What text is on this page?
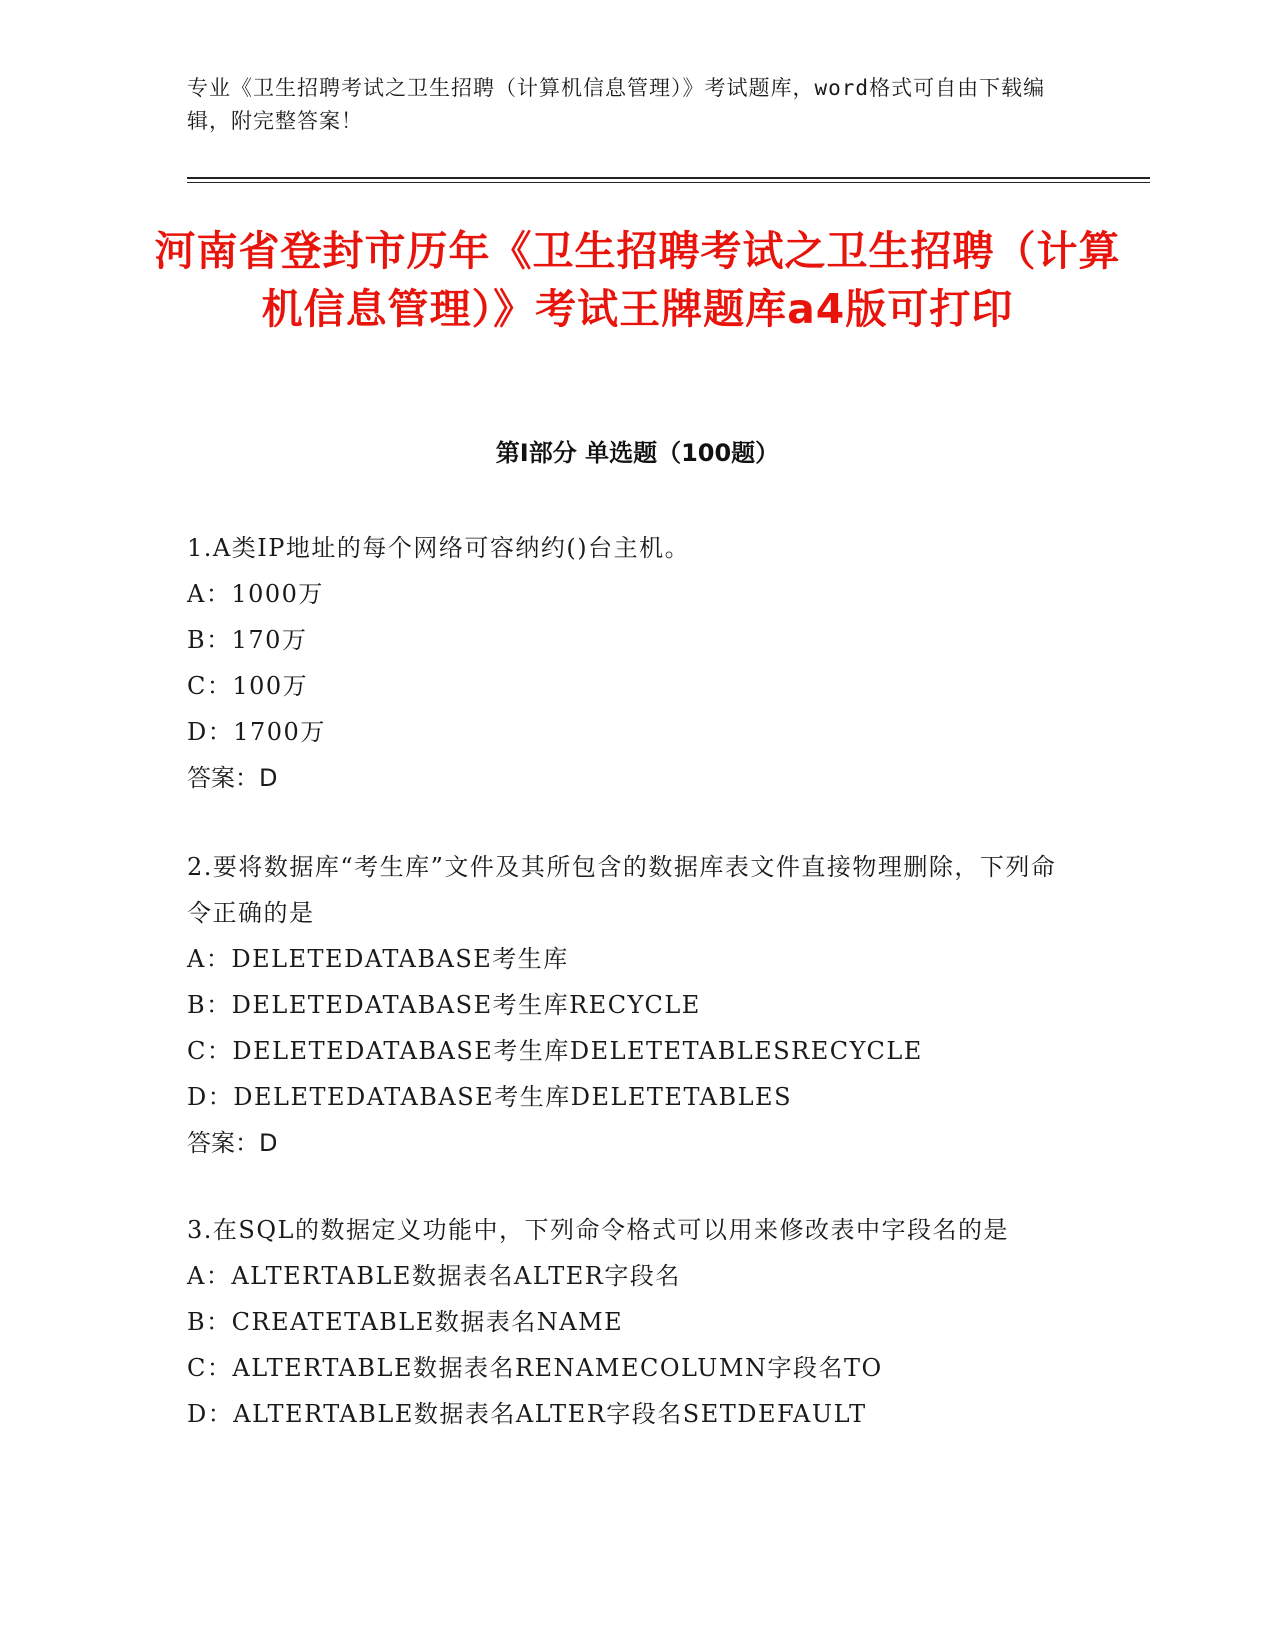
专业《卫生招聘考试之卫生招聘（计算机信息管理）》考试题库，word格式可自由下载编辑，附完整答案！
河南省登封市历年《卫生招聘考试之卫生招聘（计算机信息管理）》考试王牌题库a4版可打印
第I部分 单选题（100题）
1.A类IP地址的每个网络可容纳约()台主机。
A：1000万
B：170万
C：100万
D：1700万
答案：D
2.要将数据库“考生库”文件及其所包含的数据库表文件直接物理删除，下列命令正确的是
A：DELETEDATABASE考生库
B：DELETEDATABASE考生库RECYCLE
C：DELETEDATABASE考生库DELETETABLESRECYCLE
D：DELETEDATABASE考生库DELETETABLES
答案：D
3.在SQL的数据定义功能中，下列命令格式可以用来修改表中字段名的是
A：ALTERTABLE数据表名ALTER字段名
B：CREATETABLE数据表名NAME
C：ALTERTABLE数据表名RENAMECOLUMN字段名TO
D：ALTERTABLE数据表名ALTER字段名SETDEFAULT
